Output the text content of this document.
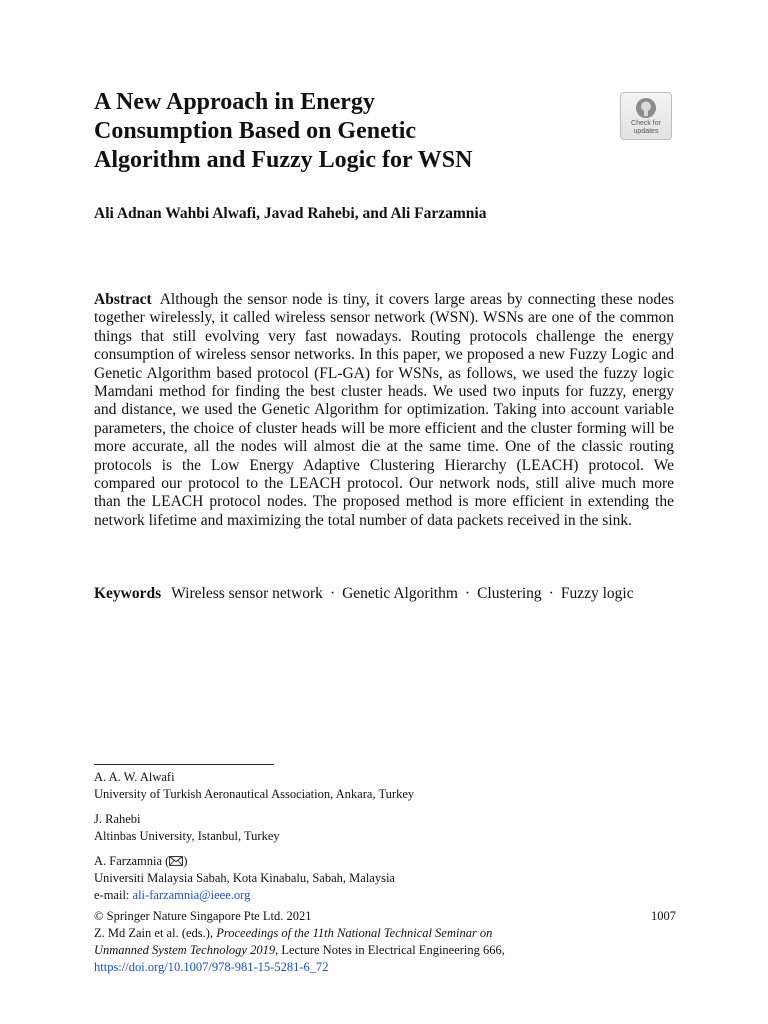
A New Approach in Energy
Consumption Based on Genetic
Algorithm and Fuzzy Logic for WSN
Check for updates

Ali Adnan Wahbi Alwafi, Javad Rahebi, and Ali Farzamnia

Abstract Although the sensor node is tiny, it covers large areas by connecting these nodes together wirelessly, it called wireless sensor network (WSN). WSNs are one of the common things that still evolving very fast nowadays. Routing protocols challenge the energy consumption of wireless sensor networks. In this paper, we proposed a new Fuzzy Logic and Genetic Algorithm based protocol (FL-GA) for WSNs, as follows, we used the fuzzy logic Mamdani method for finding the best cluster heads. We used two inputs for fuzzy, energy and distance, we used the Genetic Algorithm for optimization. Taking into account variable parameters, the choice of cluster heads will be more efficient and the cluster forming will be more accurate, all the nodes will almost die at the same time. One of the classic routing protocols is the Low Energy Adaptive Clustering Hierarchy (LEACH) protocol. We compared our protocol to the LEACH protocol. Our network nods, still alive much more than the LEACH protocol nodes. The proposed method is more efficient in extending the network lifetime and maximizing the total number of data packets received in the sink.

Keywords Wireless sensor network · Genetic Algorithm · Clustering · Fuzzy logic

A. A. W. Alwafi
University of Turkish Aeronautical Association, Ankara, Turkey
J. Rahebi
Altinbas University, Istanbul, Turkey
A. Farzamnia ( )
Universiti Malaysia Sabah, Kota Kinabalu, Sabah, Malaysia
e-mail: ali-farzamnia@ieee.org
© Springer Nature Singapore Pte Ltd. 2021
Z. Md Zain et al. (eds.), Proceedings of the 11th National Technical Seminar on
Unmanned System Technology 2019, Lecture Notes in Electrical Engineering 666,
https://doi.org/10.1007/978-981-15-5281-6_72
1007
